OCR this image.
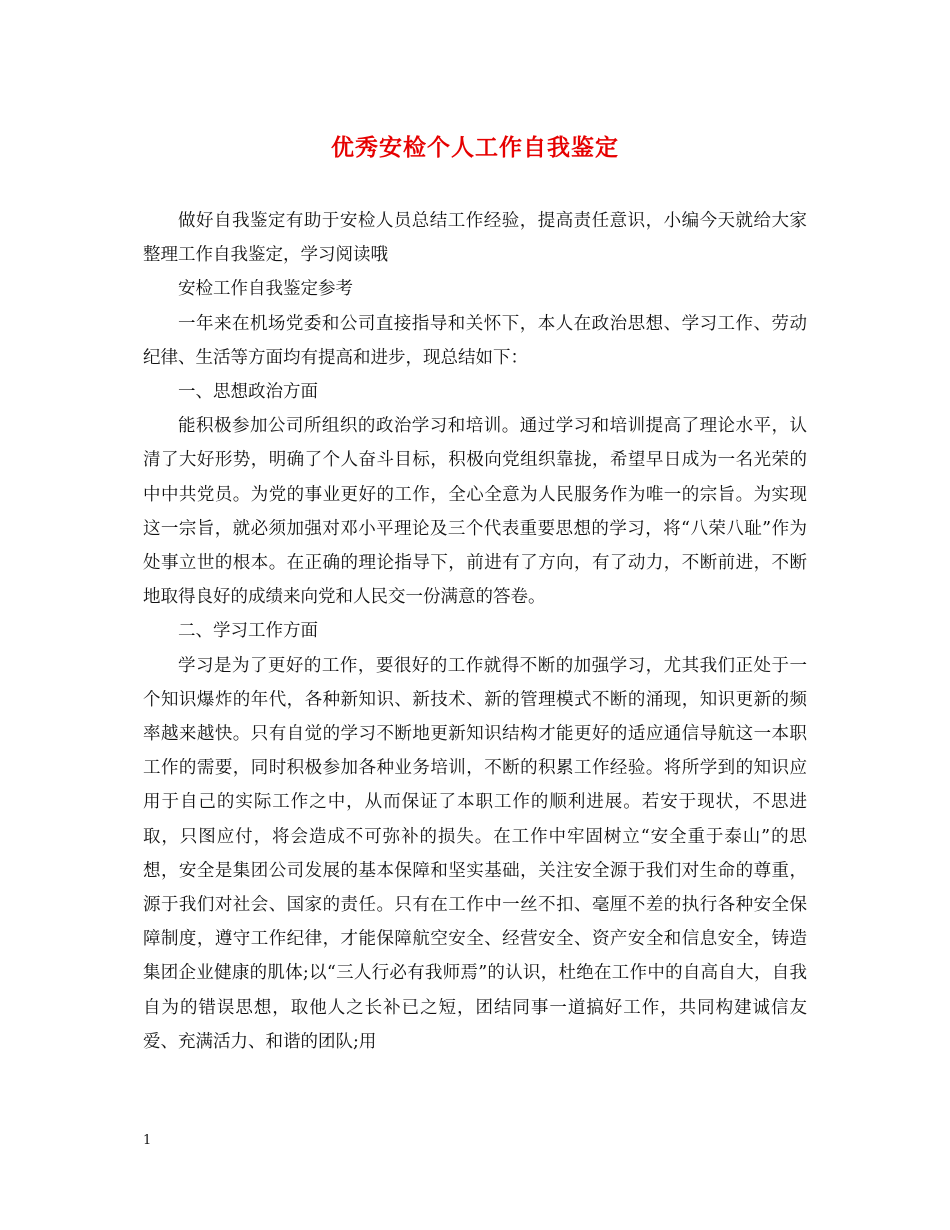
优秀安检个人工作自我鉴定

做好自我鉴定有助于安检人员总结工作经验，提高责任意识，小编今天就给大家整理工作自我鉴定，学习阅读哦

安检工作自我鉴定参考

一年来在机场党委和公司直接指导和关怀下，本人在政治思想、学习工作、劳动纪律、生活等方面均有提高和进步，现总结如下：

一、思想政治方面

能积极参加公司所组织的政治学习和培训。通过学习和培训提高了理论水平，认清了大好形势，明确了个人奋斗目标，积极向党组织靠拢，希望早日成为一名光荣的中中共党员。为党的事业更好的工作，全心全意为人民服务作为唯一的宗旨。为实现这一宗旨，就必须加强对邓小平理论及三个代表重要思想的学习，将“八荣八耻”作为处事立世的根本。在正确的理论指导下，前进有了方向，有了动力，不断前进，不断地取得良好的成绩来向党和人民交一份满意的答卷。

二、学习工作方面

学习是为了更好的工作，要很好的工作就得不断的加强学习，尤其我们正处于一个知识爆炸的年代，各种新知识、新技术、新的管理模式不断的涌现，知识更新的频率越来越快。只有自觉的学习不断地更新知识结构才能更好的适应通信导航这一本职工作的需要，同时积极参加各种业务培训，不断的积累工作经验。将所学到的知识应用于自己的实际工作之中，从而保证了本职工作的顺利进展。若安于现状，不思进取，只图应付，将会造成不可弥补的损失。在工作中牢固树立“安全重于泰山”的思想，安全是集团公司发展的基本保障和坚实基础，关注安全源于我们对生命的尊重，源于我们对社会、国家的责任。只有在工作中一丝不扣、毫厘不差的执行各种安全保障制度，遵守工作纪律，才能保障航空安全、经营安全、资产安全和信息安全，铸造集团企业健康的肌体;以“三人行必有我师焉”的认识，杜绝在工作中的自高自大，自我自为的错误思想，取他人之长补已之短，团结同事一道搞好工作，共同构建诚信友爱、充满活力、和谐的团队;用

1
